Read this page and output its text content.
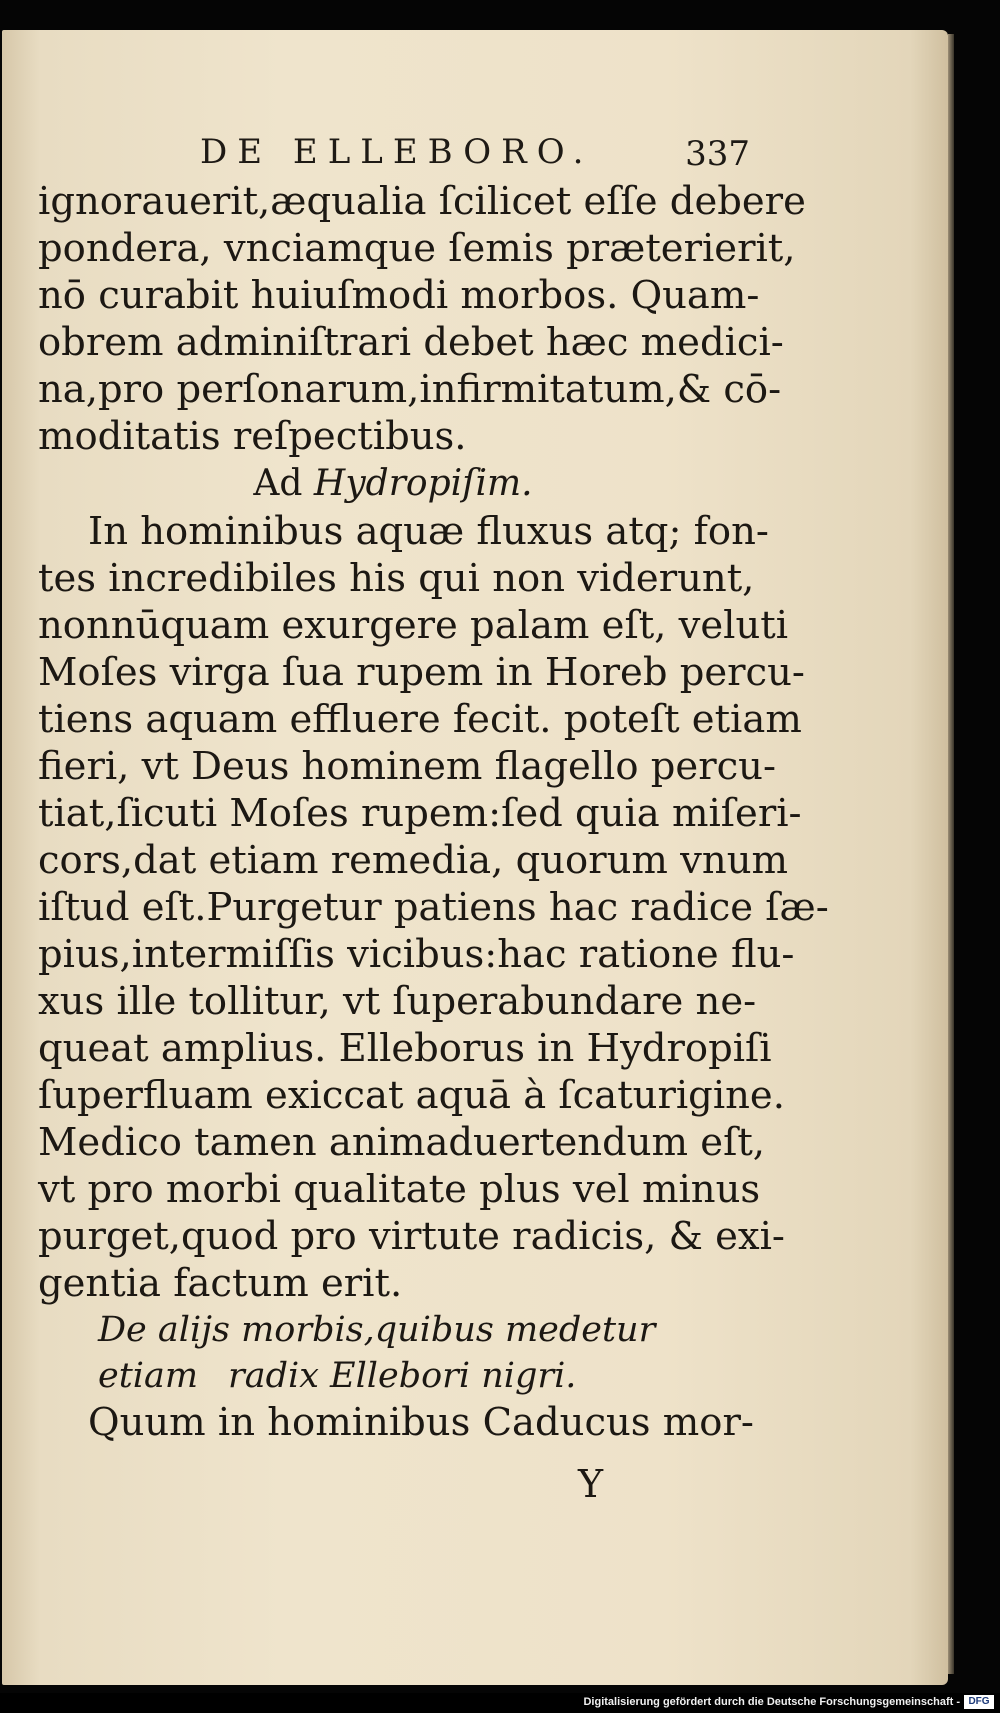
DE ELLEBORO.	337
ignorauerit,æqualia ſcilicet eſſe debere
pondera, vnciamque ſemis præterierit,
nō curabit huiuſmodi morbos. Quam-
obrem adminiſtrari debet hæc medici-
na,pro perſonarum,infirmitatum,& cō-
moditatis reſpectibus.
Ad Hydropiſim.
In hominibus aquæ fluxus atq; fon-
tes incredibiles his qui non viderunt,
nonnūquam exurgere palam eſt, veluti
Moſes virga ſua rupem in Horeb percu-
tiens aquam effluere fecit. poteſt etiam
fieri, vt Deus hominem flagello percu-
tiat,ſicuti Moſes rupem:ſed quia miſeri-
cors,dat etiam remedia, quorum vnum
iſtud eſt.Purgetur patiens hac radice ſæ-
pius,intermiſſis vicibus:hac ratione flu-
xus ille tollitur, vt ſuperabundare ne-
queat amplius. Elleborus in Hydropiſi
ſuperfluam exiccat aquā à ſcaturigine.
Medico tamen animaduertendum eſt,
vt pro morbi qualitate plus vel minus
purget,quod pro virtute radicis, & exi-
gentia factum erit.
De alijs morbis,quibus medetur etiam radix Ellebori nigri.
Quum in hominibus Caducus mor-
Y
Digitalisierung gefördert durch die Deutsche Forschungsgemeinschaft - DFG
